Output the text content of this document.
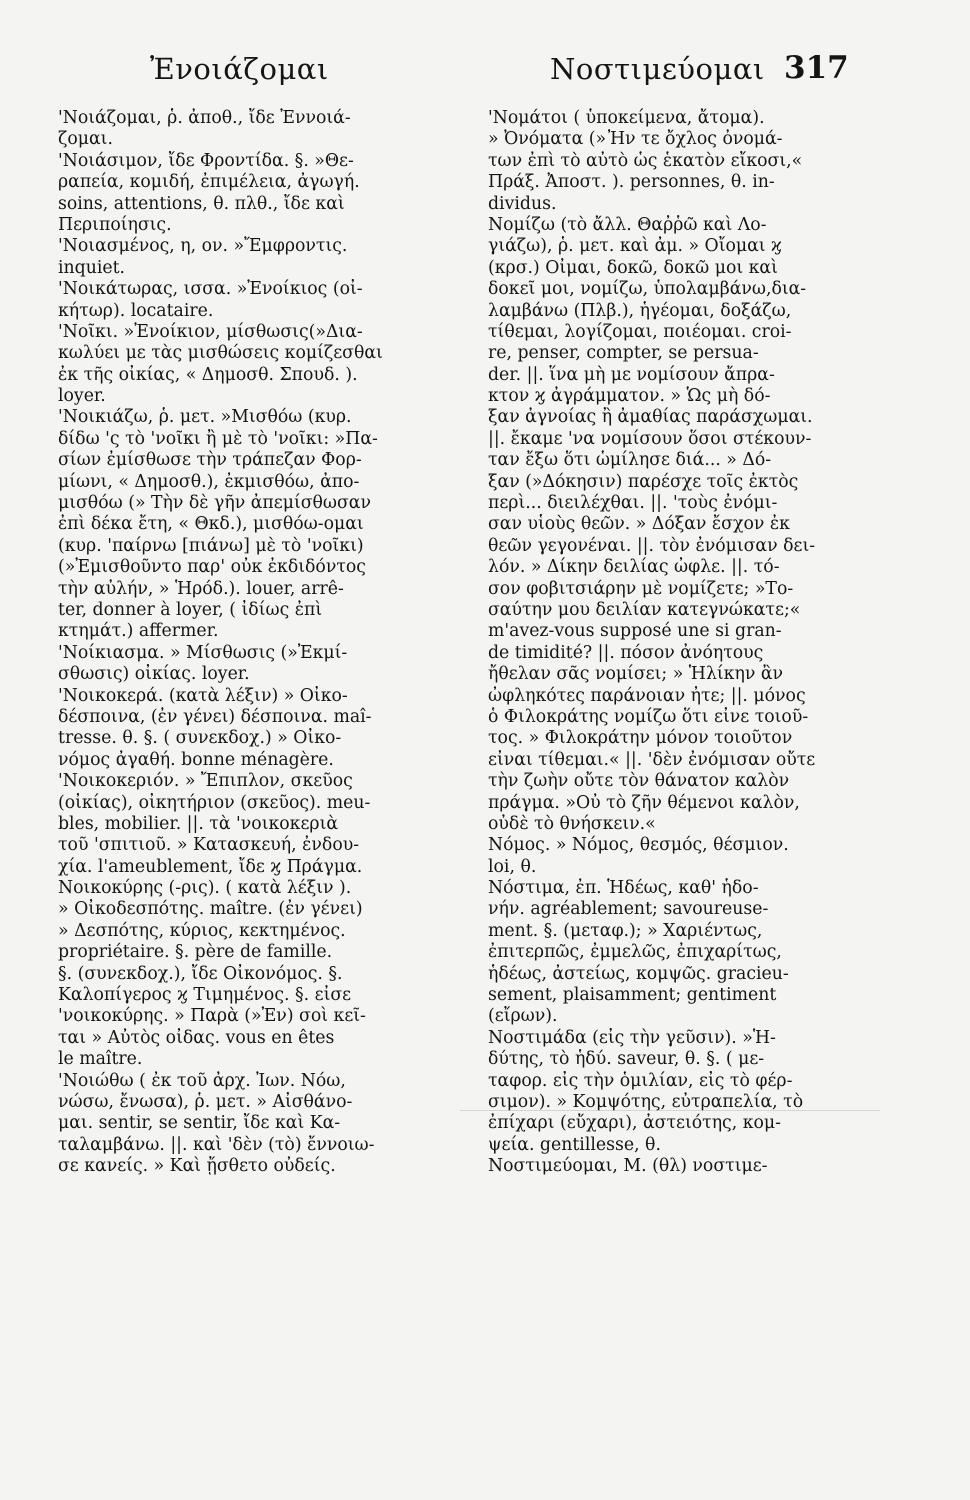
Ἐνοιάζομαι	Νοστιμεύομαι 317
'Νοιάζομαι, ῥ. ἀποθ., ἴδε Ἐννοιά-
ζομαι.
'Νοιάσιμον, ἴδε Φροντίδα. §. »Θε-
ραπεία, κομιδή, ἐπιμέλεια, ἀγωγή.
soins, attentions, θ. πλθ., ἴδε καὶ
Περιποίησις.
'Νοιασμένος, η, ον. »Ἔμφροντις.
inquiet.
'Νοικάτωρας, ισσα. »Ἐνοίκιος (οἰ-
κήτωρ). locataire.
'Νοῖκι. »Ἐνοίκιον, μίσθωσις(»Δια-
κωλύει με τὰς μισθώσεις κομίζεσθαι
ἐκ τῆς οἰκίας, « Δημοσθ. Σπουδ. ).
loyer.
'Νοικιάζω, ῥ. μετ. »Μισθόω (κυρ.
δίδω 'ς τὸ 'νοῖκι ἢ μὲ τὸ 'νοῖκι: »Πα-
σίων ἐμίσθωσε τὴν τράπεζαν Φορ-
μίωνι, « Δημοσθ.), ἐκμισθόω, ἀπο-
μισθόω (» Τὴν δὲ γῆν ἀπεμίσθωσαν
ἐπὶ δέκα ἔτη, « Θκδ.), μισθόω-ομαι
(κυρ. 'παίρνω [πιάνω] μὲ τὸ 'νοῖκι)
(»Ἐμισθοῦντο παρ' οὐκ ἐκδιδόντος
τὴν αὐλήν, » Ἡρόδ.). louer, arrê-
ter, donner à loyer, ( ἰδίως ἐπὶ
κτημάτ.) affermer.
'Νοίκιασμα. » Μίσθωσις (»Ἐκμί-
σθωσις) οἰκίας. loyer.
'Νοικοκερά. (κατὰ λέξιν) » Οἰκο-
δέσποινα, (ἐν γένει) δέσποινα. maî-
tresse. θ. §. ( συνεκδοχ.) » Οἰκο-
νόμος ἀγαθή. bonne ménagère.
'Νοικοκεριόν. » Ἔπιπλον, σκεῦος
(οἰκίας), οἰκητήριον (σκεῦος). meu-
bles, mobilier. ||. τὰ 'νοικοκεριὰ
τοῦ 'σπιτιοῦ. » Κατασκευή, ἐνδου-
χία. l'ameublement, ἴδε ϗ Πράγμα.
Νοικοκύρης (-ρις). ( κατὰ λέξιν ).
» Οἰκοδεσπότης. maître. (ἐν γένει)
» Δεσπότης, κύριος, κεκτημένος.
propriétaire. §. père de famille.
§. (συνεκδοχ.), ἴδε Οἰκονόμος. §.
Καλοπίγερος ϗ Τιμημένος. §. εἶσε
'νοικοκύρης. » Παρὰ (»Ἐν) σοὶ κεῖ-
ται » Αὐτὸς οἶδας. vous en êtes
le maître.
'Νοιώθω ( ἐκ τοῦ ἀρχ. Ἰων. Νόω,
νώσω, ἔνωσα), ῥ. μετ. » Αἰσθάνο-
μαι. sentir, se sentir, ἴδε καὶ Κα-
ταλαμβάνω. ||. καὶ 'δὲν (τὸ) ἔννοιω-
σε κανείς. » Καὶ ᾔσθετο οὐδείς.
'Νομάτοι ( ὑποκείμενα, ἄτομα).
» Ὀνόματα (»Ἦν τε ὄχλος ὀνομά-
των ἐπὶ τὸ αὐτὸ ὡς ἑκατὸν εἴκοσι,«
Πράξ. Ἀποστ. ). personnes, θ. in-
dividus.
Νομίζω (τὸ ἄλλ. Θαῤῥῶ καὶ Λο-
γιάζω), ῥ. μετ. καὶ ἀμ. » Οἴομαι ϗ
(κρσ.) Οἶμαι, δοκῶ, δοκῶ μοι καὶ
δοκεῖ μοι, νομίζω, ὑπολαμβάνω,δια-
λαμβάνω (Πλβ.), ἡγέομαι, δοξάζω,
τίθεμαι, λογίζομαι, ποιέομαι. croi-
re, penser, compter, se persua-
der. ||. ἵνα μὴ με νομίσουν ἄπρα-
κτον ϗ ἀγράμματον. » Ὡς μὴ δό-
ξαν ἀγνοίας ἢ ἀμαθίας παράσχωμαι.
||. ἔκαμε 'να νομίσουν ὅσοι στέκουν-
ταν ἔξω ὅτι ὡμίλησε διά... » Δό-
ξαν (»Δόκησιν) παρέσχε τοῖς ἐκτὸς
περὶ... διειλέχθαι. ||. 'τοὺς ἐνόμι-
σαν υἱοὺς θεῶν. » Δόξαν ἔσχον ἐκ
θεῶν γεγονέναι. ||. τὸν ἐνόμισαν δει-
λόν. » Δίκην δειλίας ὦφλε. ||. τό-
σον φοβιτσιάρην μὲ νομίζετε; »Το-
σαύτην μου δειλίαν κατεγνώκατε;«
m'avez-vous supposé une si gran-
de timidité? ||. πόσον ἀνόητους
ἤθελαν σᾶς νομίσει; » Ἡλίκην ἂν
ὠφληκότες παράνοιαν ἦτε; ||. μόνος
ὁ Φιλοκράτης νομίζω ὅτι εἶνε τοιοῦ-
τος. » Φιλοκράτην μόνον τοιοῦτον
εἶναι τίθεμαι.« ||. 'δὲν ἐνόμισαν οὔτε
τὴν ζωὴν οὔτε τὸν θάνατον καλὸν
πράγμα. »Οὐ τὸ ζῆν θέμενοι καλὸν,
οὐδὲ τὸ θνήσκειν.«
Νόμος. » Νόμος, θεσμός, θέσμιον.
loi, θ.
Νόστιμα, ἐπ. Ἡδέως, καθ' ἡδο-
νήν. agréablement; savoureuse-
ment. §. (μεταφ.); » Χαριέντως,
ἐπιτερπῶς, ἐμμελῶς, ἐπιχαρίτως,
ἡδέως, ἀστείως, κομψῶς. gracieu-
sement, plaisamment; gentiment
(εἴρων).
Νοστιμάδα (εἰς τὴν γεῦσιν). »Ἡ-
δύτης, τὸ ἡδύ. saveur, θ. §. ( με-
ταφορ. εἰς τὴν ὁμιλίαν, εἰς τὸ φέρ-
σιμον). » Κομψότης, εὐτραπελία, τὸ
ἐπίχαρι (εὔχαρι), ἀστειότης, κομ-
ψεία. gentillesse, θ.
Νοστιμεύομαι, Μ. (θλ) νοστιμε-
